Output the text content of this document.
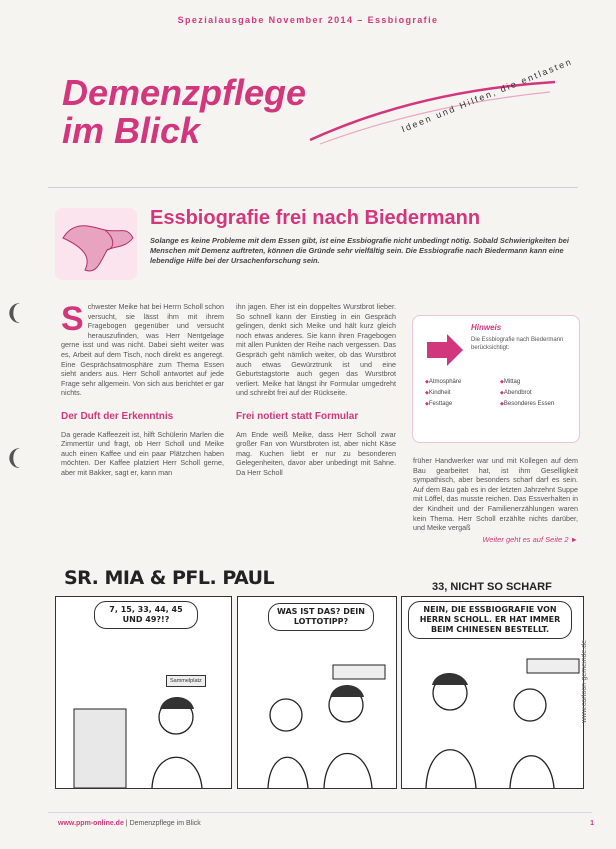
Spezialausgabe November 2014 – Essbiografie
Demenzpflege
im Blick	Ideen und Hilfen, die entlasten
Essbiografie frei nach Biedermann
Solange es keine Probleme mit dem Essen gibt, ist eine Essbiografie nicht unbedingt nötig. Sobald Schwierigkeiten bei Menschen mit Demenz auftreten, können die Gründe sehr vielfältig sein. Die Essbiografie nach Biedermann kann eine lebendige Hilfe bei der Ursachenforschung sein.
❨
❨
S chwester Meike hat bei Herrn Scholl schon versucht, sie lässt ihm mit ihrem Fragebogen gegenüber und versucht herauszufinden, was Herr Nentgelage gerne isst und was nicht. Dabei sieht weiter was es, Arbeit auf dem Tisch, noch direkt es angeregt. Eine Gesprächsatmosphäre zum Thema Essen sieht anders aus. Herr Scholl antwortet auf jede Frage sehr allgemein. Von sich aus berichtet er gar nichts.
Der Duft der Erkenntnis
Da gerade Kaffeezeit ist, hilft Schülerin Marlen die Zimmertür und fragt, ob Herr Scholl und Meike auch einen Kaffee und ein paar Plätzchen haben möchten. Der Kaffee platziert Herr Scholl gerne, aber mit Bakker, sagt er, kann man
ihn jagen. Eher ist ein doppeltes Wurstbrot lieber. So schnell kann der Einstieg in ein Gespräch gelingen, denkt sich Meike und hält kurz gleich noch etwas anderes. Sie kann ihren Fragebogen mit allen Punkten der Reihe nach vergessen. Das Gespräch geht nämlich weiter, ob das Wurstbrot auch etwas Gewürztrunk ist und eine Geburtstagstorte auch gegen das Wurstbrot verliert. Meike hat längst ihr Formular umgedreht und schreibt frei auf der Rückseite.
Frei notiert statt Formular
Am Ende weiß Meike, dass Herr Scholl zwar großer Fan von Wurstbroten ist, aber nicht Käse mag. Kuchen liebt er nur zu besonderen Gelegenheiten, davor aber unbedingt mit Sahne. Da Herr Scholl
Hinweis
Die Essbiografie nach Biedermann berücksichtigt:
◆ Atmosphäre	◆ Mittag
◆ Kindheit	◆ Abendbrot
◆ Festtage	◆ Besonderes Essen
früher Handwerker war und mit Kollegen auf dem Bau gearbeitet hat, ist ihm Geselligkeit sympathisch, aber besonders scharf darf es sein. Auf dem Bau gab es in der letzten Jahrzehnt Suppe mit Löffel, das musste reichen. Das Essverhalten in der Kindheit und der Familienerzählungen waren kein Thema. Herr Scholl erzählte nichts darüber, und Meike vergaß
Weiter geht es auf Seite 2 ►
SR. MIA & PFL. PAUL	33, NICHT SO SCHARF
7, 15, 33, 44, 45 UND 49?!?
Sammelplatz
WAS IST DAS? DEIN LOTTOTIPP?
NEIN, DIE ESSBIOGRAFIE VON HERRN SCHOLL. ER HAT IMMER BEIM CHINESEN BESTELLT.
www.cartoon-gemeinde.de
www.ppm-online.de | Demenzpflege im Blick	1
